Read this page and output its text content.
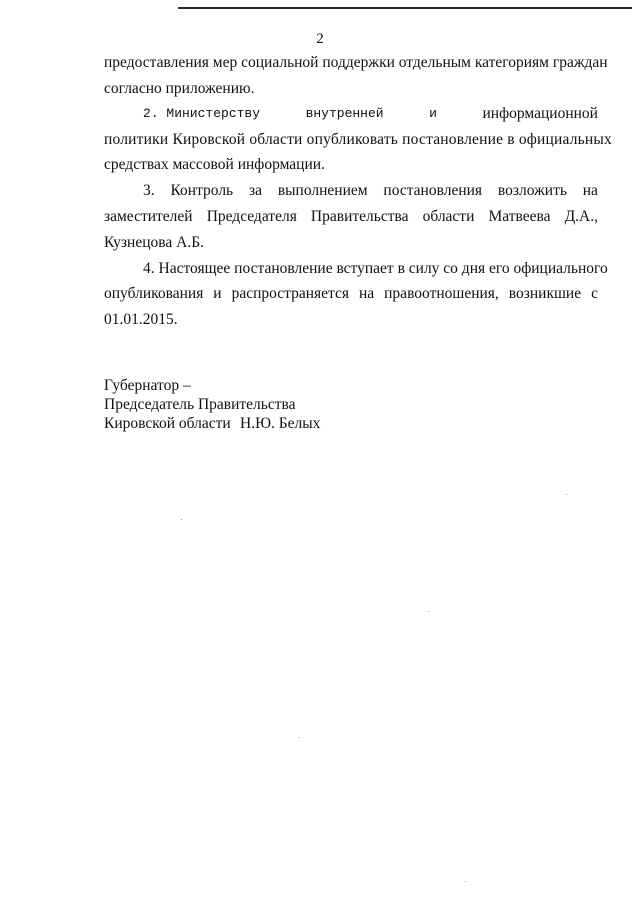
2
предоставления мер социальной поддержки отдельным категориям граждан
согласно приложению.
2. Министерству	внутренней	и	информационной
политики Кировской области опубликовать постановление в официальных
средствах массовой информации.
3. Контроль за выполнением постановления возложить на
заместителей Председателя Правительства области Матвеева Д.А.,
Кузнецова А.Б.
4. Настоящее постановление вступает в силу со дня его официального
опубликования и распространяется на правоотношения, возникшие с
01.01.2015.
Губернатор –
Председатель Правительства
Кировской области Н.Ю. Белых
